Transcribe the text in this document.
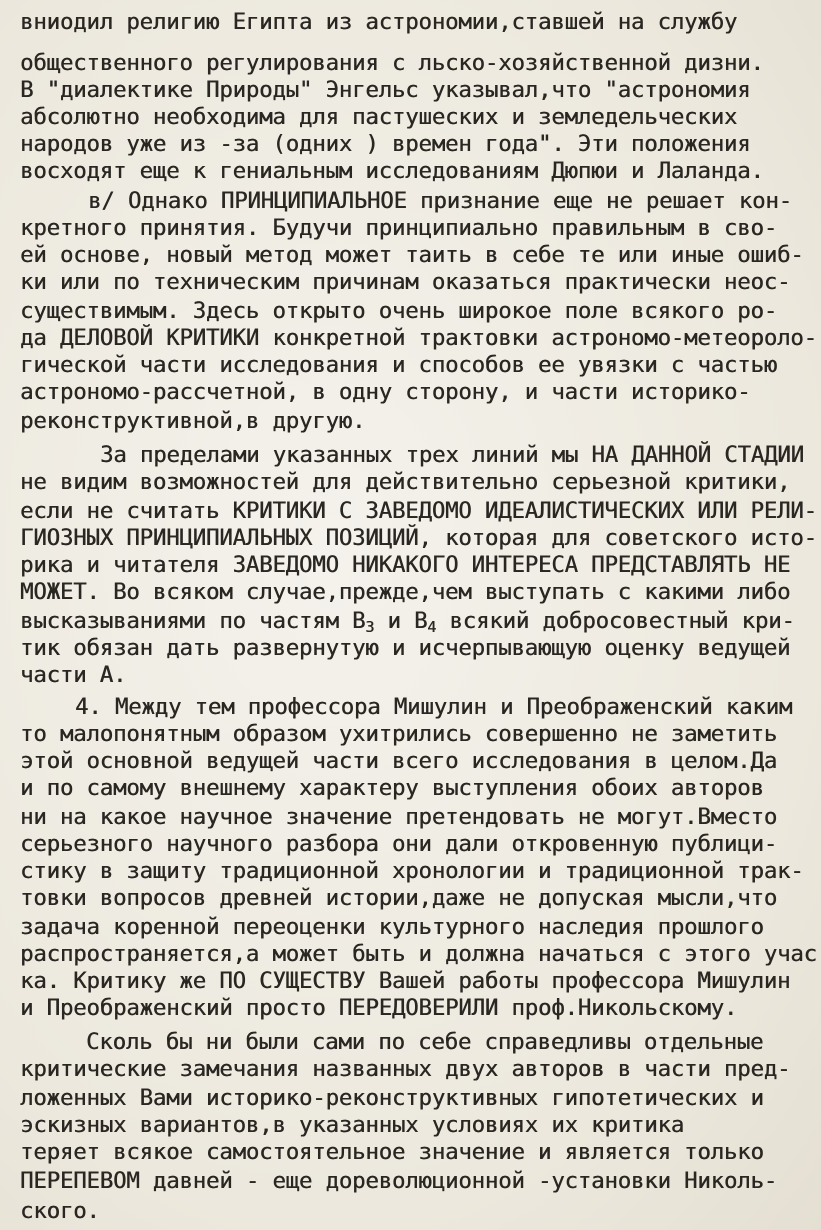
вниодил религию Египта из астрономии,ставшей на службу
общественного регулирования с льско-хозяйственной дизни.
В "диалектике Природы" Энгельс указывал,что "астрономия
абсолютно необходима для пастушеских и земледельческих
народов уже из -за (одних ) времен года". Эти положения
восходят еще к гениальным исследованиям Дюпюи и Лаланда.
в/ Однако ПРИНЦИПИАЛЬНОЕ признание еще не решает кон-
кретного принятия. Будучи принципиально правильным в сво-
ей основе, новый метод может таить в себе те или иные ошиб-
ки или по техническим причинам оказаться практически неос-
существимым. Здесь открыто очень широкое поле всякого ро-
да ДЕЛОВОЙ КРИТИКИ конкретной трактовки астрономо-метеороло-
гической части исследования и способов ее увязки с частью
астрономо-рассчетной, в одну сторону, и части историко-
реконструктивной,в другую.
За пределами указанных трех линий мы НА ДАННОЙ СТАДИИ
не видим возможностей для действительно серьезной критики,
если не считать КРИТИКИ С ЗАВЕДОМО ИДЕАЛИСТИЧЕСКИХ ИЛИ РЕЛИ-
ГИОЗНЫХ ПРИНЦИПИАЛЬНЫХ ПОЗИЦИЙ, которая для советского исто-
рика и читателя ЗАВЕДОМО НИКАКОГО ИНТЕРЕСА ПРЕДСТАВЛЯТЬ НЕ
МОЖЕТ. Во всяком случае,прежде,чем выступать с какими либо
высказываниями по частям $B_3$ и $B_4$ всякий добросовестный кри-
тик обязан дать развернутую и исчерпывающую оценку ведущей
части А.
4. Между тем профессора Мишулин и Преображенский каким
то малопонятным образом ухитрились совершенно не заметить
этой основной ведущей части всего исследования в целом.Да
и по самому внешнему характеру выступления обоих авторов
ни на какое научное значение претендовать не могут.Вместо
серьезного научного разбора они дали откровенную публици-
стику в защиту традиционной хронологии и традиционной трак-
товки вопросов древней истории,даже не допуская мысли,что
задача коренной переоценки культурного наследия прошлого
распространяется,а может быть и должна начаться с этого учас
ка. Критику же ПО СУЩЕСТВУ Вашей работы профессора Мишулин
и Преображенский просто ПЕРЕДОВЕРИЛИ проф.Никольскому.
Сколь бы ни были сами по себе справедливы отдельные
критические замечания названных двух авторов в части пред-
ложенных Вами историко-реконструктивных гипотетических и
эскизных вариантов,в указанных условиях их критика
теряет всякое самостоятельное значение и является только
ПЕРЕПЕВОМ давней - еще дореволюционной -установки Николь-
ского.
